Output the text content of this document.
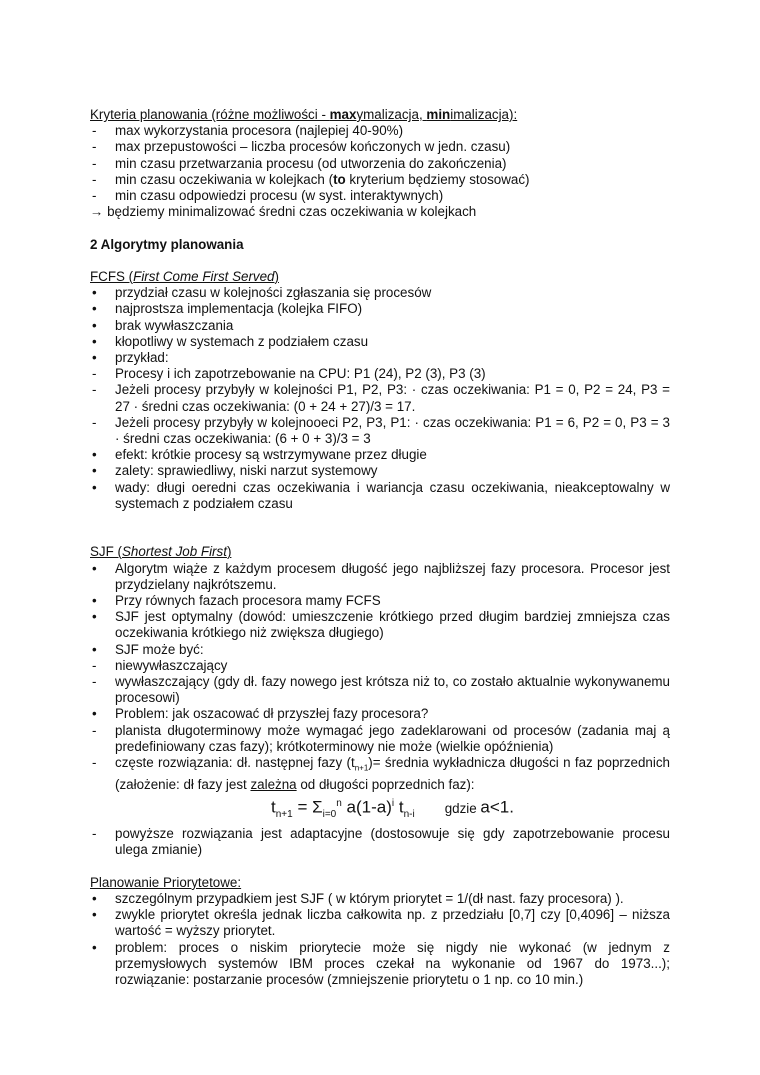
Kryteria planowania (różne możliwości - maxymalizacja, minimalizacja):

- max wykorzystania procesora (najlepiej 40-90%)
- max przepustowości – liczba procesów kończonych w jedn. czasu)
- min czasu przetwarzania procesu (od utworzenia do zakończenia)
- min czasu oczekiwania w kolejkach (to kryterium będziemy stosować)
- min czasu odpowiedzi procesu (w syst. interaktywnych)

→ będziemy minimalizować średni czas oczekiwania w kolejkach

2 Algorytmy planowania

FCFS (First Come First Served)

• przydział czasu w kolejności zgłaszania się procesów
• najprostsza implementacja (kolejka FIFO)
• brak wywłaszczania
• kłopotliwy w systemach z podziałem czasu
• przykład:
- Procesy i ich zapotrzebowanie na CPU: P1 (24), P2 (3), P3 (3)
- Jeżeli procesy przybyły w kolejności P1, P2, P3: · czas oczekiwania: P1 = 0, P2 = 24, P3 = 27 · średni czas oczekiwania: (0 + 24 + 27)/3 = 17.
- Jeżeli procesy przybyły w kolejnooeci P2, P3, P1: · czas oczekiwania: P1 = 6, P2 = 0, P3 = 3 · średni czas oczekiwania: (6 + 0 + 3)/3 = 3
• efekt: krótkie procesy są wstrzymywane przez długie
• zalety: sprawiedliwy, niski narzut systemowy
• wady: długi oeredni czas oczekiwania i wariancja czasu oczekiwania, nieakceptowalny w systemach z podziałem czasu

SJF (Shortest Job First)

• Algorytm wiąże z każdym procesem długość jego najbliższej fazy procesora. Procesor jest przydzielany najkrótszemu.
• Przy równych fazach procesora mamy FCFS
• SJF jest optymalny (dowód: umieszczenie krótkiego przed długim bardziej zmniejsza czas oczekiwania krótkiego niż zwiększa długiego)
• SJF może być:
- niewywłaszczający
- wywłaszczający (gdy dł. fazy nowego jest krótsza niż to, co zostało aktualnie wykonywanemu procesowi)
• Problem: jak oszacować dł przyszłej fazy procesora?
- planista długoterminowy może wymagać jego zadeklarowani od procesów (zadania maj ą predefiniowany czas fazy); krótkoterminowy nie może (wielkie opóźnienia)
- częste rozwiązania: dł. następnej fazy $(t_{n+1})=$ średnia wykładnicza długości n faz poprzednich (założenie: dł fazy jest zależna od długości poprzednich faz):
$t_{n+1} = \Sigma_{i=0}^n$ $a(1-a)^i$ $t_{n-i}$ gdzie a<1.
- powyższe rozwiązania jest adaptacyjne (dostosowuje się gdy zapotrzebowanie procesu ulega zmianie)

Planowanie Priorytetowe:

• szczególnym przypadkiem jest SJF ( w którym priorytet = 1/(dł nast. fazy procesora) ).
• zwykle priorytet określa jednak liczba całkowita np. z przedziału [0,7] czy [0,4096] – niższa wartość = wyższy priorytet.
• problem: proces o niskim priorytecie może się nigdy nie wykonać (w jednym z przemysłowych systemów IBM proces czekał na wykonanie od 1967 do 1973...); rozwiązanie: postarzanie procesów (zmniejszenie priorytetu o 1 np. co 10 min.)
